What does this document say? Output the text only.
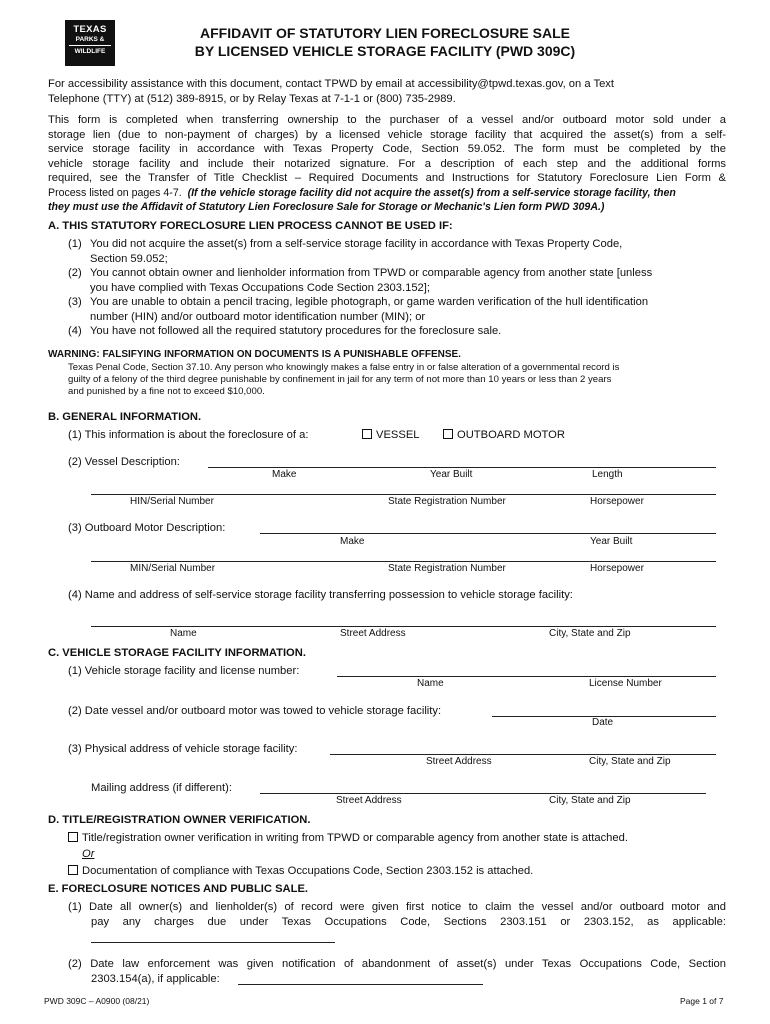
TEXAS
PARKS &
WILDLIFE
AFFIDAVIT OF STATUTORY LIEN FORECLOSURE SALE
BY LICENSED VEHICLE STORAGE FACILITY (PWD 309C)
For accessibility assistance with this document, contact TPWD by email at accessibility@tpwd.texas.gov, on a Text
Telephone (TTY) at (512) 389-8915, or by Relay Texas at 7-1-1 or (800) 735-2989.
This form is completed when transferring ownership to the purchaser of a vessel and/or outboard motor sold under a
storage lien (due to non-payment of charges) by a licensed vehicle storage facility that acquired the asset(s) from a self-
service storage facility in accordance with Texas Property Code, Section 59.052. The form must be completed by the
vehicle storage facility and include their notarized signature. For a description of each step and the additional forms
required, see the Transfer of Title Checklist – Required Documents and Instructions for Statutory Foreclosure Lien Form &
Process listed on pages 4-7. (If the vehicle storage facility did not acquire the asset(s) from a self-service storage facility, then
they must use the Affidavit of Statutory Lien Foreclosure Sale for Storage or Mechanic's Lien form PWD 309A.)
A. THIS STATUTORY FORECLOSURE LIEN PROCESS CANNOT BE USED IF:
(1) You did not acquire the asset(s) from a self-service storage facility in accordance with Texas Property Code,
Section 59.052;
(2) You cannot obtain owner and lienholder information from TPWD or comparable agency from another state [unless
you have complied with Texas Occupations Code Section 2303.152];
(3) You are unable to obtain a pencil tracing, legible photograph, or game warden verification of the hull identification
number (HIN) and/or outboard motor identification number (MIN); or
(4) You have not followed all the required statutory procedures for the foreclosure sale.
WARNING: FALSIFYING INFORMATION ON DOCUMENTS IS A PUNISHABLE OFFENSE.
Texas Penal Code, Section 37.10. Any person who knowingly makes a false entry in or false alteration of a governmental record is
guilty of a felony of the third degree punishable by confinement in jail for any term of not more than 10 years or less than 2 years
and punished by a fine not to exceed $10,000.
B. GENERAL INFORMATION.
(1) This information is about the foreclosure of a:	VESSEL	OUTBOARD MOTOR
(2) Vessel Description:
Make	Year Built	Length
HIN/Serial Number	State Registration Number	Horsepower
(3) Outboard Motor Description:
Make	Year Built
MIN/Serial Number	State Registration Number	Horsepower
(4) Name and address of self-service storage facility transferring possession to vehicle storage facility:
Name	Street Address	City, State and Zip
C. VEHICLE STORAGE FACILITY INFORMATION.
(1) Vehicle storage facility and license number:
Name	License Number
(2) Date vessel and/or outboard motor was towed to vehicle storage facility:
Date
(3) Physical address of vehicle storage facility:
Street Address	City, State and Zip
Mailing address (if different):
Street Address	City, State and Zip
D. TITLE/REGISTRATION OWNER VERIFICATION.
Title/registration owner verification in writing from TPWD or comparable agency from another state is attached.
Or
Documentation of compliance with Texas Occupations Code, Section 2303.152 is attached.
E. FORECLOSURE NOTICES AND PUBLIC SALE.
(1) Date all owner(s) and lienholder(s) of record were given first notice to claim the vessel and/or outboard motor and
pay any charges due under Texas Occupations Code, Sections 2303.151 or 2303.152, as applicable:
(2) Date law enforcement was given notification of abandonment of asset(s) under Texas Occupations Code, Section
2303.154(a), if applicable:
PWD 309C – A0900 (08/21)	Page 1 of 7
